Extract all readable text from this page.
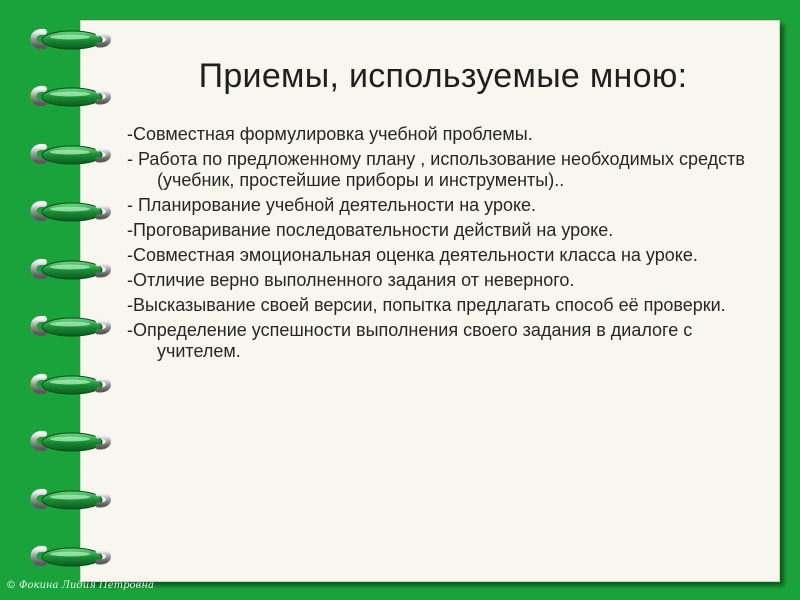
Приемы, используемые мною:
-Совместная формулировка учебной проблемы.
- Работа по предложенному плану , использование необходимых средств (учебник, простейшие приборы и инструменты)..
- Планирование учебной деятельности на уроке.
-Проговаривание последовательности действий на уроке.
-Совместная эмоциональная оценка деятельности класса на уроке.
-Отличие верно выполненного задания от неверного.
-Высказывание своей версии, попытка предлагать способ её проверки.
-Определение успешности выполнения своего задания в диалоге с учителем.
© Фокина Лидия Петровна
